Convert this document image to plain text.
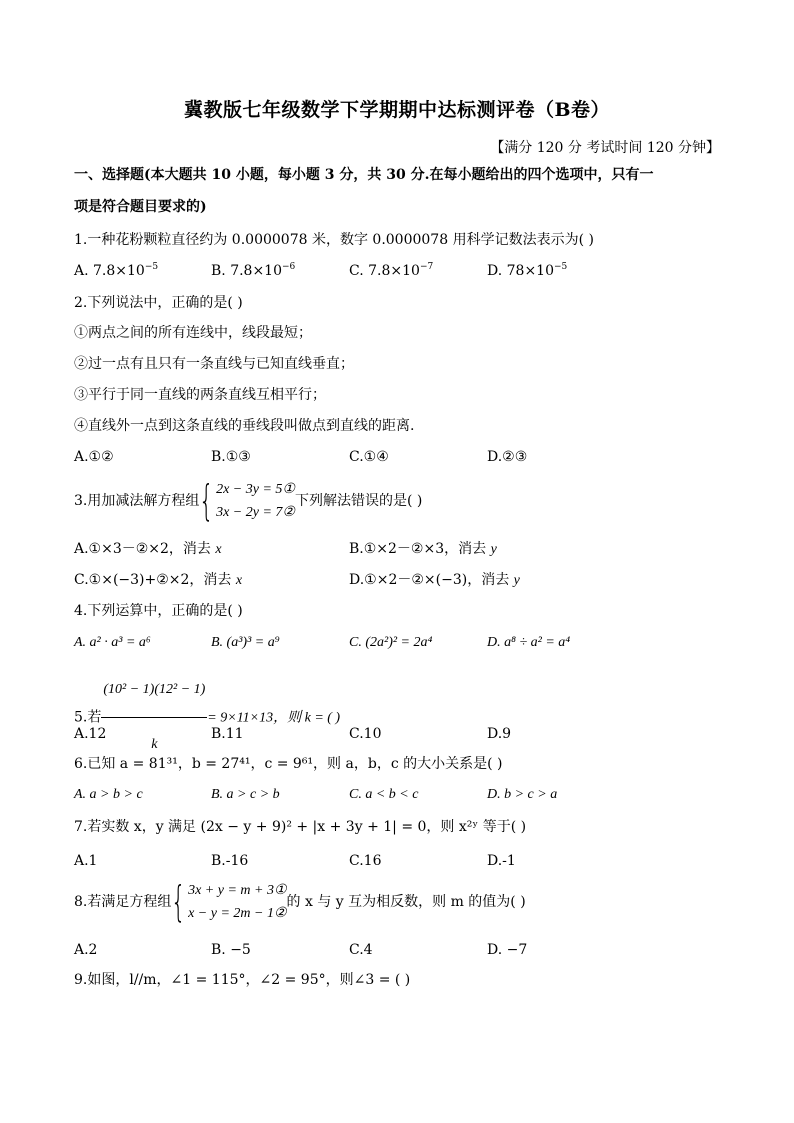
冀教版七年级数学下学期期中达标测评卷（B卷）
【满分 120 分 考试时间 120 分钟】
一、选择题(本大题共 10 小题，每小题 3 分，共 30 分.在每小题给出的四个选项中，只有一
项是符合题目要求的)
1.一种花粉颗粒直径约为 0.0000078 米，数字 0.0000078 用科学记数法表示为( )
A. $7.8\times 10^{-5}$	B. $7.8\times 10^{-6}$	C. $7.8\times 10^{-7}$	D. $78\times 10^{-5}$
2.下列说法中，正确的是( )
①两点之间的所有连线中，线段最短；
②过一点有且只有一条直线与已知直线垂直；
③平行于同一直线的两条直线互相平行；
④直线外一点到这条直线的垂线段叫做点到直线的距离.
A.①②	B.①③	C.①④	D.②③
3.用加减法解方程组 { 2x − 3y = 5①
3x − 2y = 7②
下列解法错误的是( )
A.①×3－②×2，消去 x	B.①×2－②×3，消去 y
C.①×(−3)+②×2，消去 x	D.①×2－②×(−3)，消去 y
4.下列运算中，正确的是( )
A. a² · a³ = a⁶	B. (a³)³ = a⁹	C. (2a²)² = 2a⁴	D. a⁸ ÷ a² = a⁴
5.若 $\frac{\text{(10² − 1)(12² − 1)}}{k} = 9\times 11\times 13$，则 k = ( )
A.12	B.11	C.10	D.9
6.已知 a = 81³¹，b = 27⁴¹，c = 9⁶¹，则 a，b，c 的大小关系是( )
A. a > b > c	B. a > c > b	C. a < b < c	D. b > c > a
7.若实数 x，y 满足 (2x − y + 9)² + |x + 3y + 1| = 0，则 x²ʸ 等于( )
A.1	B.-16	C.16	D.-1
8.若满足方程组 { 3x + y = m + 3①
x − y = 2m − 1②
的 x 与 y 互为相反数，则 m 的值为( )
A.2	B. −5	C.4	D. −7
9.如图，l//m，∠1 = 115°，∠2 = 95°，则∠3 = ( )
